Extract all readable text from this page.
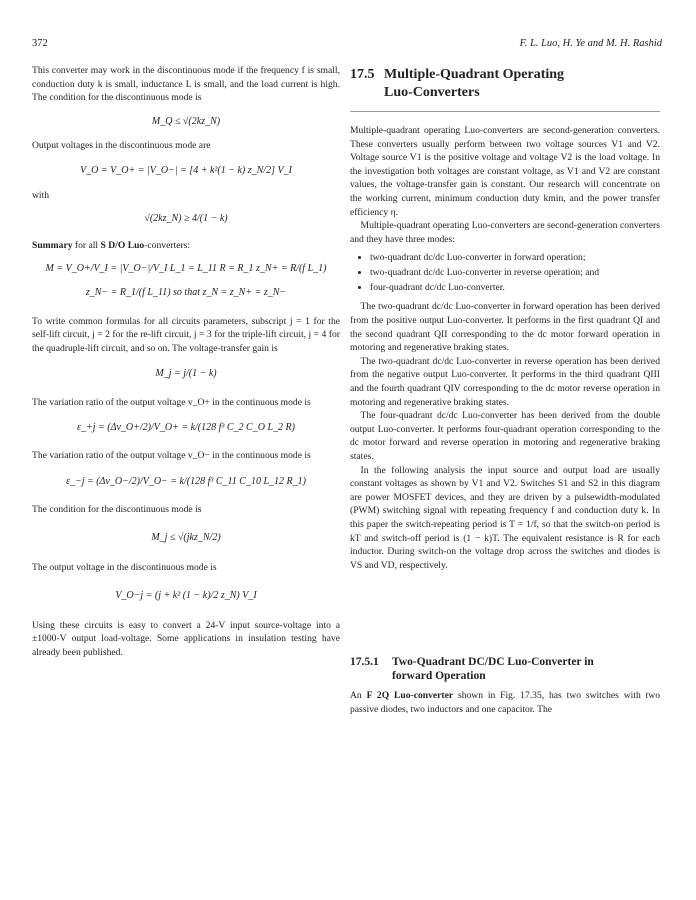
372	F. L. Luo, H. Ye and M. H. Rashid

This converter may work in the discontinuous mode if the frequency f is small, conduction duty k is small, inductance L is small, and the load current is high. The condition for the discontinuous mode is

M_Q ≤ √(2kz_N)

Output voltages in the discontinuous mode are

V_O = V_O+ = |V_O−| = [4 + k²(1 − k) z_N/2] V_I

with

√(2kz_N) ≥ 4/(1 − k)

Summary for all S D/O Luo-converters:

M = V_O+/V_I = |V_O−|/V_I L_1 = L_11 R = R_1 z_N+ = R/(f L_1)
z_N− = R_1/(f L_11) so that z_N = z_N+ = z_N−

To write common formulas for all circuits parameters, subscript j = 1 for the self-lift circuit, j = 2 for the re-lift circuit, j = 3 for the triple-lift circuit, j = 4 for the quadruple-lift circuit, and so on. The voltage-transfer gain is

M_j = j/(1 − k)

The variation ratio of the output voltage v_O+ in the continuous mode is

ε_+j = (Δv_O+/2)/V_O+ = k/(128 f³ C_2 C_O L_2 R)

The variation ratio of the output voltage v_O− in the continuous mode is

ε_−j = (Δv_O−/2)/V_O− = k/(128 f³ C_11 C_10 L_12 R_1)

The condition for the discontinuous mode is

M_j ≤ √(jkz_N/2)

The output voltage in the discontinuous mode is

V_O−j = (j + k² (1 − k)/2 z_N) V_I

Using these circuits is easy to convert a 24-V input source-voltage into a ±1000-V output load-voltage. Some applications in insulation testing have already been published.

17.5 Multiple-Quadrant Operating
Luo-Converters

Multiple-quadrant operating Luo-converters are second-generation converters. These converters usually perform between two voltage sources V1 and V2. Voltage source V1 is the positive voltage and voltage V2 is the load voltage. In the investigation both voltages are constant voltage, as V1 and V2 are constant values, the voltage-transfer gain is constant. Our research will concentrate on the working current, minimum conduction duty kmin, and the power transfer efficiency η.

Multiple-quadrant operating Luo-converters are second-generation converters and they have three modes:

• two-quadrant dc/dc Luo-converter in forward operation;
• two-quadrant dc/dc Luo-converter in reverse operation; and
• four-quadrant dc/dc Luo-converter.

The two-quadrant dc/dc Luo-converter in forward operation has been derived from the positive output Luo-converter. It performs in the first quadrant QI and the second quadrant QII corresponding to the dc motor forward operation in motoring and regenerative braking states.

The two-quadrant dc/dc Luo-converter in reverse operation has been derived from the negative output Luo-converter. It performs in the third quadrant QIII and the fourth quadrant QIV corresponding to the dc motor reverse operation in motoring and regenerative braking states.

The four-quadrant dc/dc Luo-converter has been derived from the double output Luo-converter. It performs four-quadrant operation corresponding to the dc motor forward and reverse operation in motoring and regenerative braking states.

In the following analysis the input source and output load are usually constant voltages as shown by V1 and V2. Switches S1 and S2 in this diagram are power MOSFET devices, and they are driven by a pulsewidth-modulated (PWM) switching signal with repeating frequency f and conduction duty k. In this paper the switch-repeating period is T = 1/f, so that the switch-on period is kT and switch-off period is (1 − k)T. The equivalent resistance is R for each inductor. During switch-on the voltage drop across the switches and diodes is VS and VD, respectively.

17.5.1 Two-Quadrant DC/DC Luo-Converter in
forward Operation

An F 2Q Luo-converter shown in Fig. 17.35, has two switches with two passive diodes, two inductors and one capacitor. The
